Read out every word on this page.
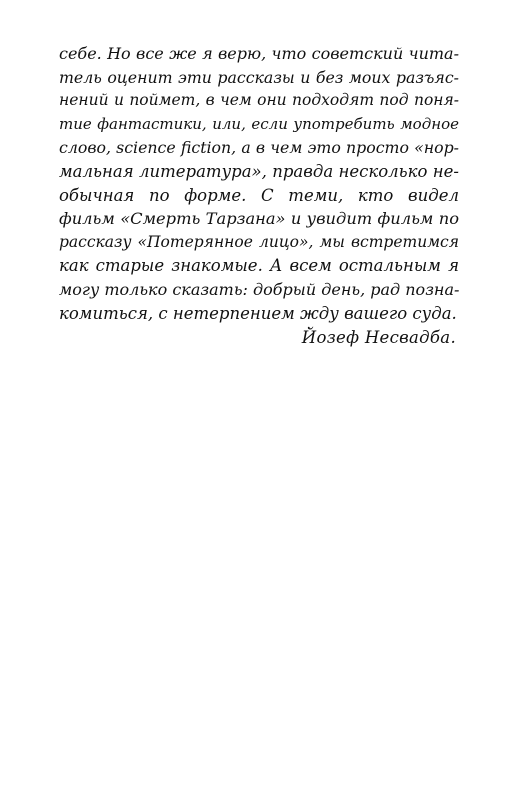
себе. Но все же я верю, что советский чита-
тель оценит эти рассказы и без моих разъяс-
нений и поймет, в чем они подходят под поня-
тие фантастики, или, если употребить модное
слово, science fiction, а в чем это просто «нор-
мальная литература», правда несколько не-
обычная по форме. С теми, кто видел
фильм «Смерть Тарзана» и увидит фильм по
рассказу «Потерянное лицо», мы встретимся
как старые знакомые. А всем остальным я
могу только сказать: добрый день, рад позна-
комиться, с нетерпением жду вашего суда.
Йозеф Несвадба.
